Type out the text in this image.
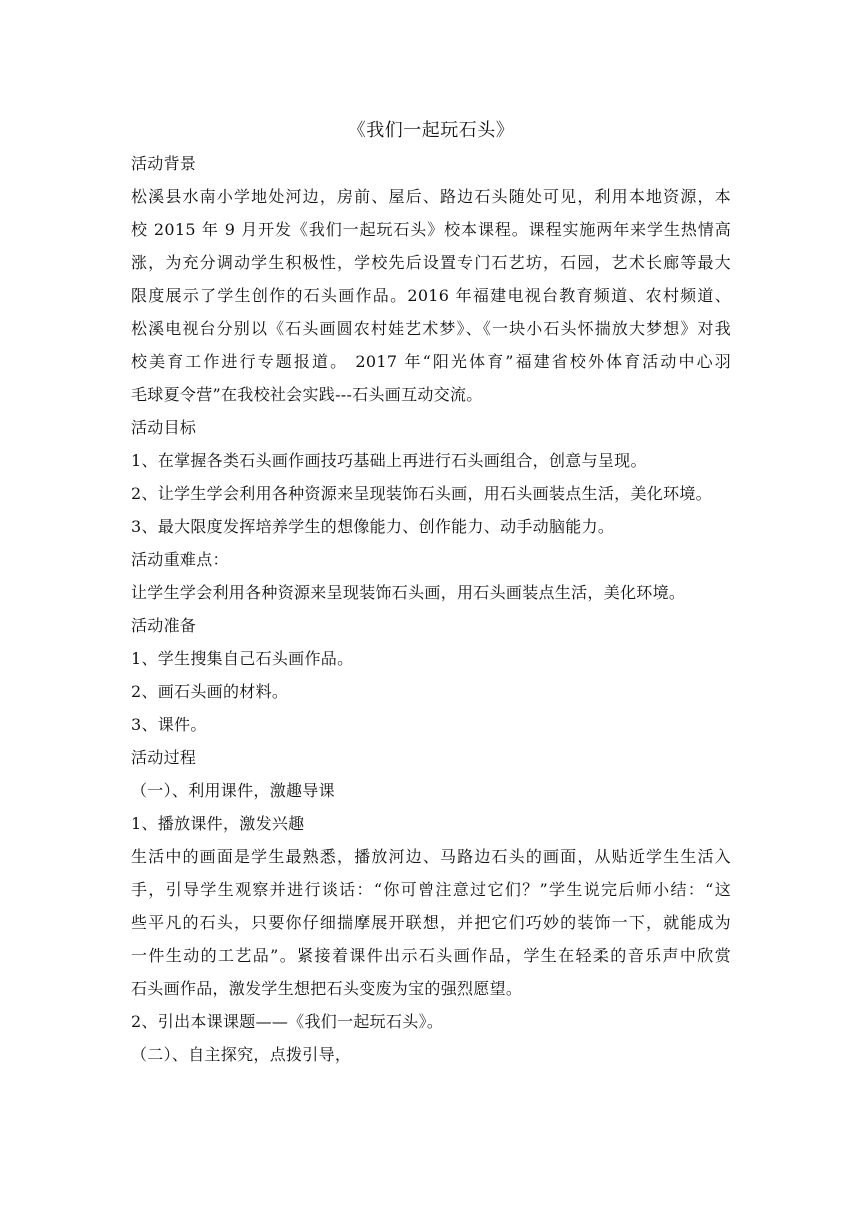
《我们一起玩石头》

活动背景

松溪县水南小学地处河边，房前、屋后、路边石头随处可见，利用本地资源，本

校 2015 年 9 月开发《我们一起玩石头》校本课程。课程实施两年来学生热情高

涨，为充分调动学生积极性，学校先后设置专门石艺坊，石园，艺术长廊等最大

限度展示了学生创作的石头画作品。2016 年福建电视台教育频道、农村频道、

松溪电视台分别以《石头画圆农村娃艺术梦》、《一块小石头怀揣放大梦想》对我

校美育工作进行专题报道。 2017 年“阳光体育”福建省校外体育活动中心羽

毛球夏令营”在我校社会实践---石头画互动交流。

活动目标

1、在掌握各类石头画作画技巧基础上再进行石头画组合，创意与呈现。

2、让学生学会利用各种资源来呈现装饰石头画，用石头画装点生活，美化环境。

3、最大限度发挥培养学生的想像能力、创作能力、动手动脑能力。

活动重难点：

让学生学会利用各种资源来呈现装饰石头画，用石头画装点生活，美化环境。

活动准备

1、学生搜集自己石头画作品。

2、画石头画的材料。

3、课件。

活动过程

（一）、利用课件，激趣导课

1、播放课件，激发兴趣

生活中的画面是学生最熟悉，播放河边、马路边石头的画面，从贴近学生生活入

手，引导学生观察并进行谈话：“你可曾注意过它们？”学生说完后师小结：“这

些平凡的石头，只要你仔细揣摩展开联想，并把它们巧妙的装饰一下，就能成为

一件生动的工艺品”。紧接着课件出示石头画作品，学生在轻柔的音乐声中欣赏

石头画作品，激发学生想把石头变废为宝的强烈愿望。

2、引出本课课题——《我们一起玩石头》。

（二）、自主探究，点拨引导，
